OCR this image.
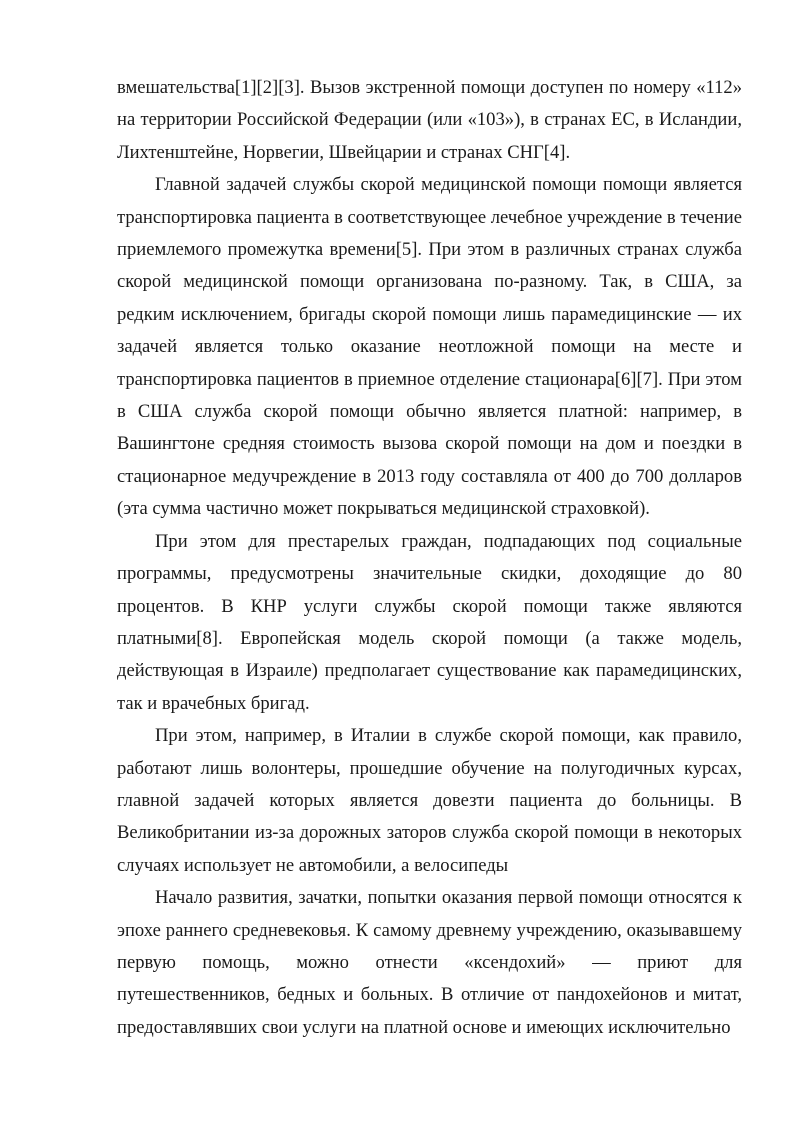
вмешательства[1][2][3]. Вызов экстренной помощи доступен по номеру «112» на территории Российской Федерации (или «103»), в странах ЕС, в Исландии, Лихтенштейне, Норвегии, Швейцарии и странах СНГ[4].

Главной задачей службы скорой медицинской помощи помощи является транспортировка пациента в соответствующее лечебное учреждение в течение приемлемого промежутка времени[5]. При этом в различных странах служба скорой медицинской помощи организована по-разному. Так, в США, за редким исключением, бригады скорой помощи лишь парамедицинские — их задачей является только оказание неотложной помощи на месте и транспортировка пациентов в приемное отделение стационара[6][7]. При этом в США служба скорой помощи обычно является платной: например, в Вашингтоне средняя стоимость вызова скорой помощи на дом и поездки в стационарное медучреждение в 2013 году составляла от 400 до 700 долларов (эта сумма частично может покрываться медицинской страховкой).

При этом для престарелых граждан, подпадающих под социальные программы, предусмотрены значительные скидки, доходящие до 80 процентов. В КНР услуги службы скорой помощи также являются платными[8]. Европейская модель скорой помощи (а также модель, действующая в Израиле) предполагает существование как парамедицинских, так и врачебных бригад.

При этом, например, в Италии в службе скорой помощи, как правило, работают лишь волонтеры, прошедшие обучение на полугодичных курсах, главной задачей которых является довезти пациента до больницы. В Великобритании из-за дорожных заторов служба скорой помощи в некоторых случаях использует не автомобили, а велосипеды

Начало развития, зачатки, попытки оказания первой помощи относятся к эпохе раннего средневековья. К самому древнему учреждению, оказывавшему первую помощь, можно отнести «ксендохий» — приют для путешественников, бедных и больных. В отличие от пандохейонов и митат, предоставлявших свои услуги на платной основе и имеющих исключительно
